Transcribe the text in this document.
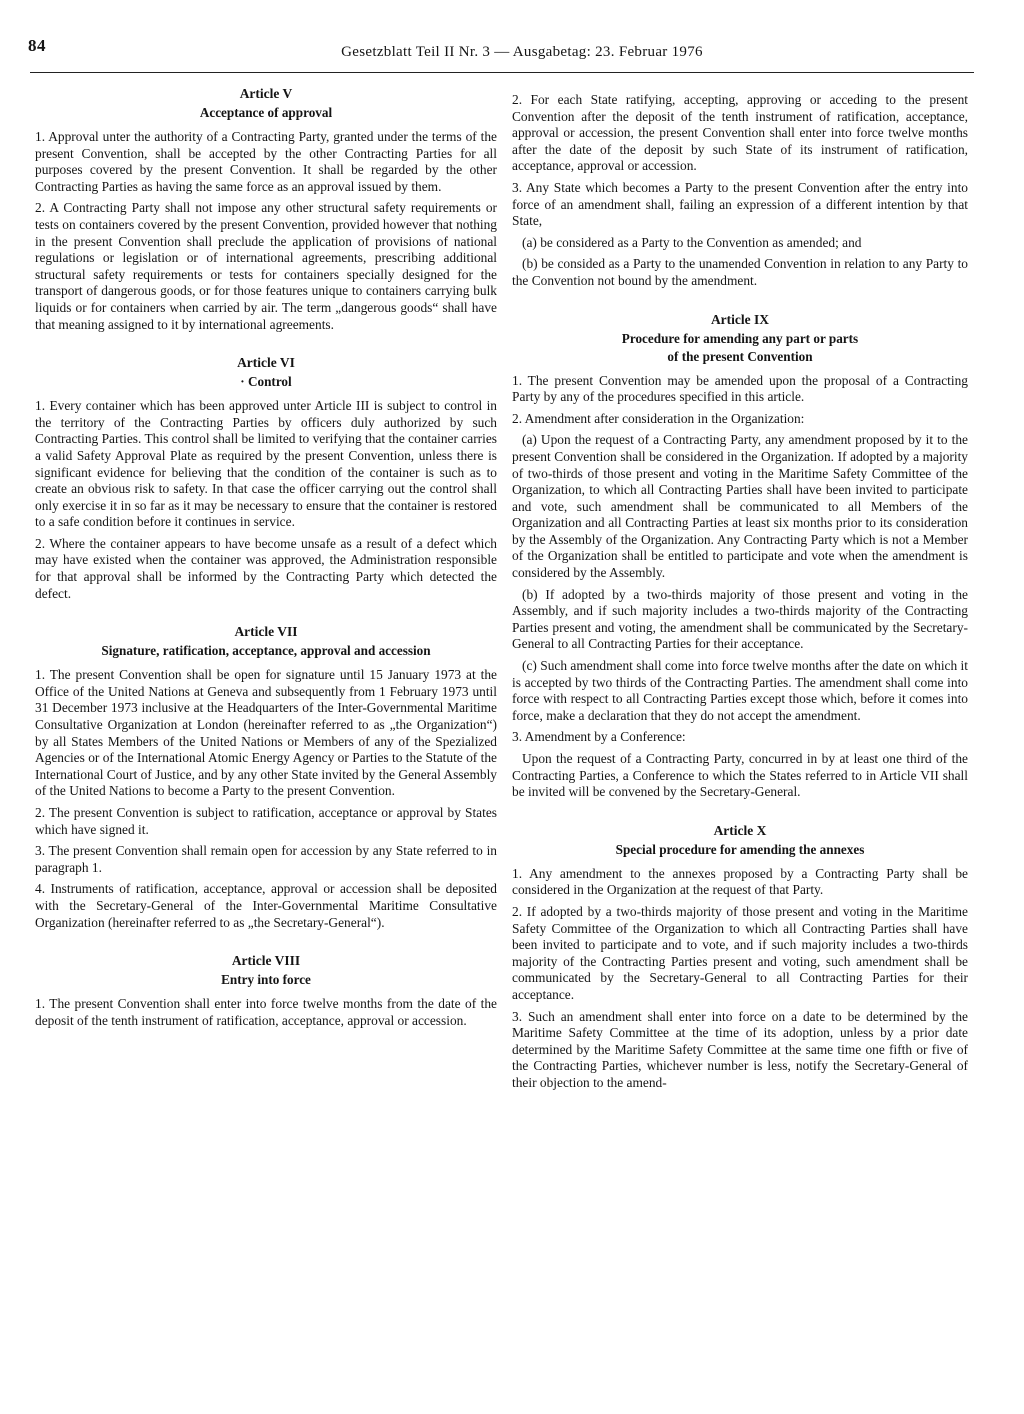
84	Gesetzblatt Teil II Nr. 3 — Ausgabetag: 23. Februar 1976
Article V
Acceptance of approval

1. Approval unter the authority of a Contracting Party, granted under the terms of the present Convention, shall be accepted by the other Contracting Parties for all purposes covered by the present Convention. It shall be regarded by the other Contracting Parties as having the same force as an approval issued by them.

2. A Contracting Party shall not impose any other structural safety requirements or tests on containers covered by the present Convention, provided however that nothing in the present Convention shall preclude the application of provisions of national regulations or legislation or of international agreements, prescribing additional structural safety requirements or tests for containers specially designed for the transport of dangerous goods, or for those features unique to containers carrying bulk liquids or for containers when carried by air. The term „dangerous goods“ shall have that meaning assigned to it by international agreements.

Article VI
· Control

1. Every container which has been approved unter Article III is subject to control in the territory of the Contracting Parties by officers duly authorized by such Contracting Parties. This control shall be limited to verifying that the container carries a valid Safety Approval Plate as required by the present Convention, unless there is significant evidence for believing that the condition of the container is such as to create an obvious risk to safety. In that case the officer carrying out the control shall only exercise it in so far as it may be necessary to ensure that the container is restored to a safe condition before it continues in service.

2. Where the container appears to have become unsafe as a result of a defect which may have existed when the container was approved, the Administration responsible for that approval shall be informed by the Contracting Party which detected the defect.

Article VII
Signature, ratification, acceptance, approval and accession

1. The present Convention shall be open for signature until 15 January 1973 at the Office of the United Nations at Geneva and subsequently from 1 February 1973 until 31 December 1973 inclusive at the Headquarters of the Inter-Governmental Maritime Consultative Organization at London (hereinafter referred to as „the Organization“) by all States Members of the United Nations or Members of any of the Spezialized Agencies or of the International Atomic Energy Agency or Parties to the Statute of the International Court of Justice, and by any other State invited by the General Assembly of the United Nations to become a Party to the present Convention.

2. The present Convention is subject to ratification, acceptance or approval by States which have signed it.

3. The present Convention shall remain open for accession by any State referred to in paragraph 1.

4. Instruments of ratification, acceptance, approval or accession shall be deposited with the Secretary-General of the Inter-Governmental Maritime Consultative Organization (hereinafter referred to as „the Secretary-General“).

Article VIII
Entry into force

1. The present Convention shall enter into force twelve months from the date of the deposit of the tenth instrument of ratification, acceptance, approval or accession.

2. For each State ratifying, accepting, approving or acceding to the present Convention after the deposit of the tenth instrument of ratification, acceptance, approval or accession, the present Convention shall enter into force twelve months after the date of the deposit by such State of its instrument of ratification, acceptance, approval or accession.

3. Any State which becomes a Party to the present Convention after the entry into force of an amendment shall, failing an expression of a different intention by that State,

(a) be considered as a Party to the Convention as amended; and

(b) be consided as a Party to the unamended Convention in relation to any Party to the Convention not bound by the amendment.

Article IX
Procedure for amending any part or parts
of the present Convention

1. The present Convention may be amended upon the proposal of a Contracting Party by any of the procedures specified in this article.

2. Amendment after consideration in the Organization:

(a) Upon the request of a Contracting Party, any amendment proposed by it to the present Convention shall be considered in the Organization. If adopted by a majority of two-thirds of those present and voting in the Maritime Safety Committee of the Organization, to which all Contracting Parties shall have been invited to participate and vote, such amendment shall be communicated to all Members of the Organization and all Contracting Parties at least six months prior to its consideration by the Assembly of the Organization. Any Contracting Party which is not a Member of the Organization shall be entitled to participate and vote when the amendment is considered by the Assembly.

(b) If adopted by a two-thirds majority of those present and voting in the Assembly, and if such majority includes a two-thirds majority of the Contracting Parties present and voting, the amendment shall be communicated by the Secretary-General to all Contracting Parties for their acceptance.

(c) Such amendment shall come into force twelve months after the date on which it is accepted by two thirds of the Contracting Parties. The amendment shall come into force with respect to all Contracting Parties except those which, before it comes into force, make a declaration that they do not accept the amendment.

3. Amendment by a Conference:

Upon the request of a Contracting Party, concurred in by at least one third of the Contracting Parties, a Conference to which the States referred to in Article VII shall be invited will be convened by the Secretary-General.

Article X
Special procedure for amending the annexes

1. Any amendment to the annexes proposed by a Contracting Party shall be considered in the Organization at the request of that Party.

2. If adopted by a two-thirds majority of those present and voting in the Maritime Safety Committee of the Organization to which all Contracting Parties shall have been invited to participate and to vote, and if such majority includes a two-thirds majority of the Contracting Parties present and voting, such amendment shall be communicated by the Secretary-General to all Contracting Parties for their acceptance.

3. Such an amendment shall enter into force on a date to be determined by the Maritime Safety Committee at the time of its adoption, unless by a prior date determined by the Maritime Safety Committee at the same time one fifth or five of the Contracting Parties, whichever number is less, notify the Secretary-General of their objection to the amend-
